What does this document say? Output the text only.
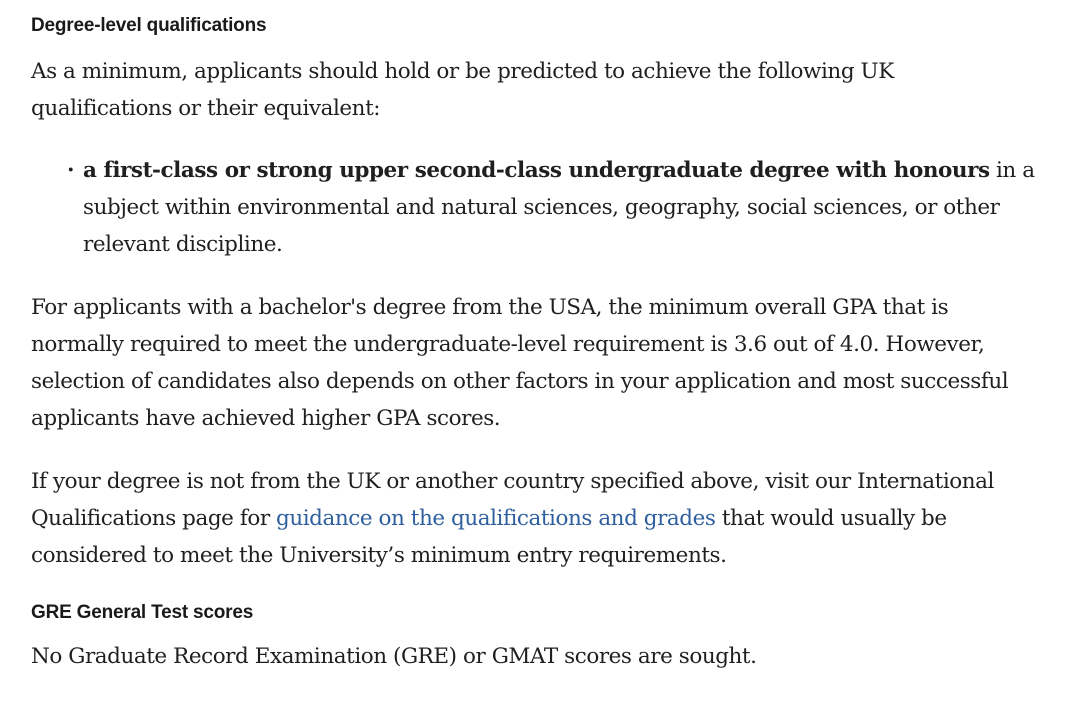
Degree-level qualifications

As a minimum, applicants should hold or be predicted to achieve the following UK qualifications or their equivalent:

· a first-class or strong upper second-class undergraduate degree with honours in a subject within environmental and natural sciences, geography, social sciences, or other relevant discipline.

For applicants with a bachelor's degree from the USA, the minimum overall GPA that is normally required to meet the undergraduate-level requirement is 3.6 out of 4.0. However, selection of candidates also depends on other factors in your application and most successful applicants have achieved higher GPA scores.

If your degree is not from the UK or another country specified above, visit our International Qualifications page for guidance on the qualifications and grades that would usually be considered to meet the University’s minimum entry requirements.

GRE General Test scores

No Graduate Record Examination (GRE) or GMAT scores are sought.
